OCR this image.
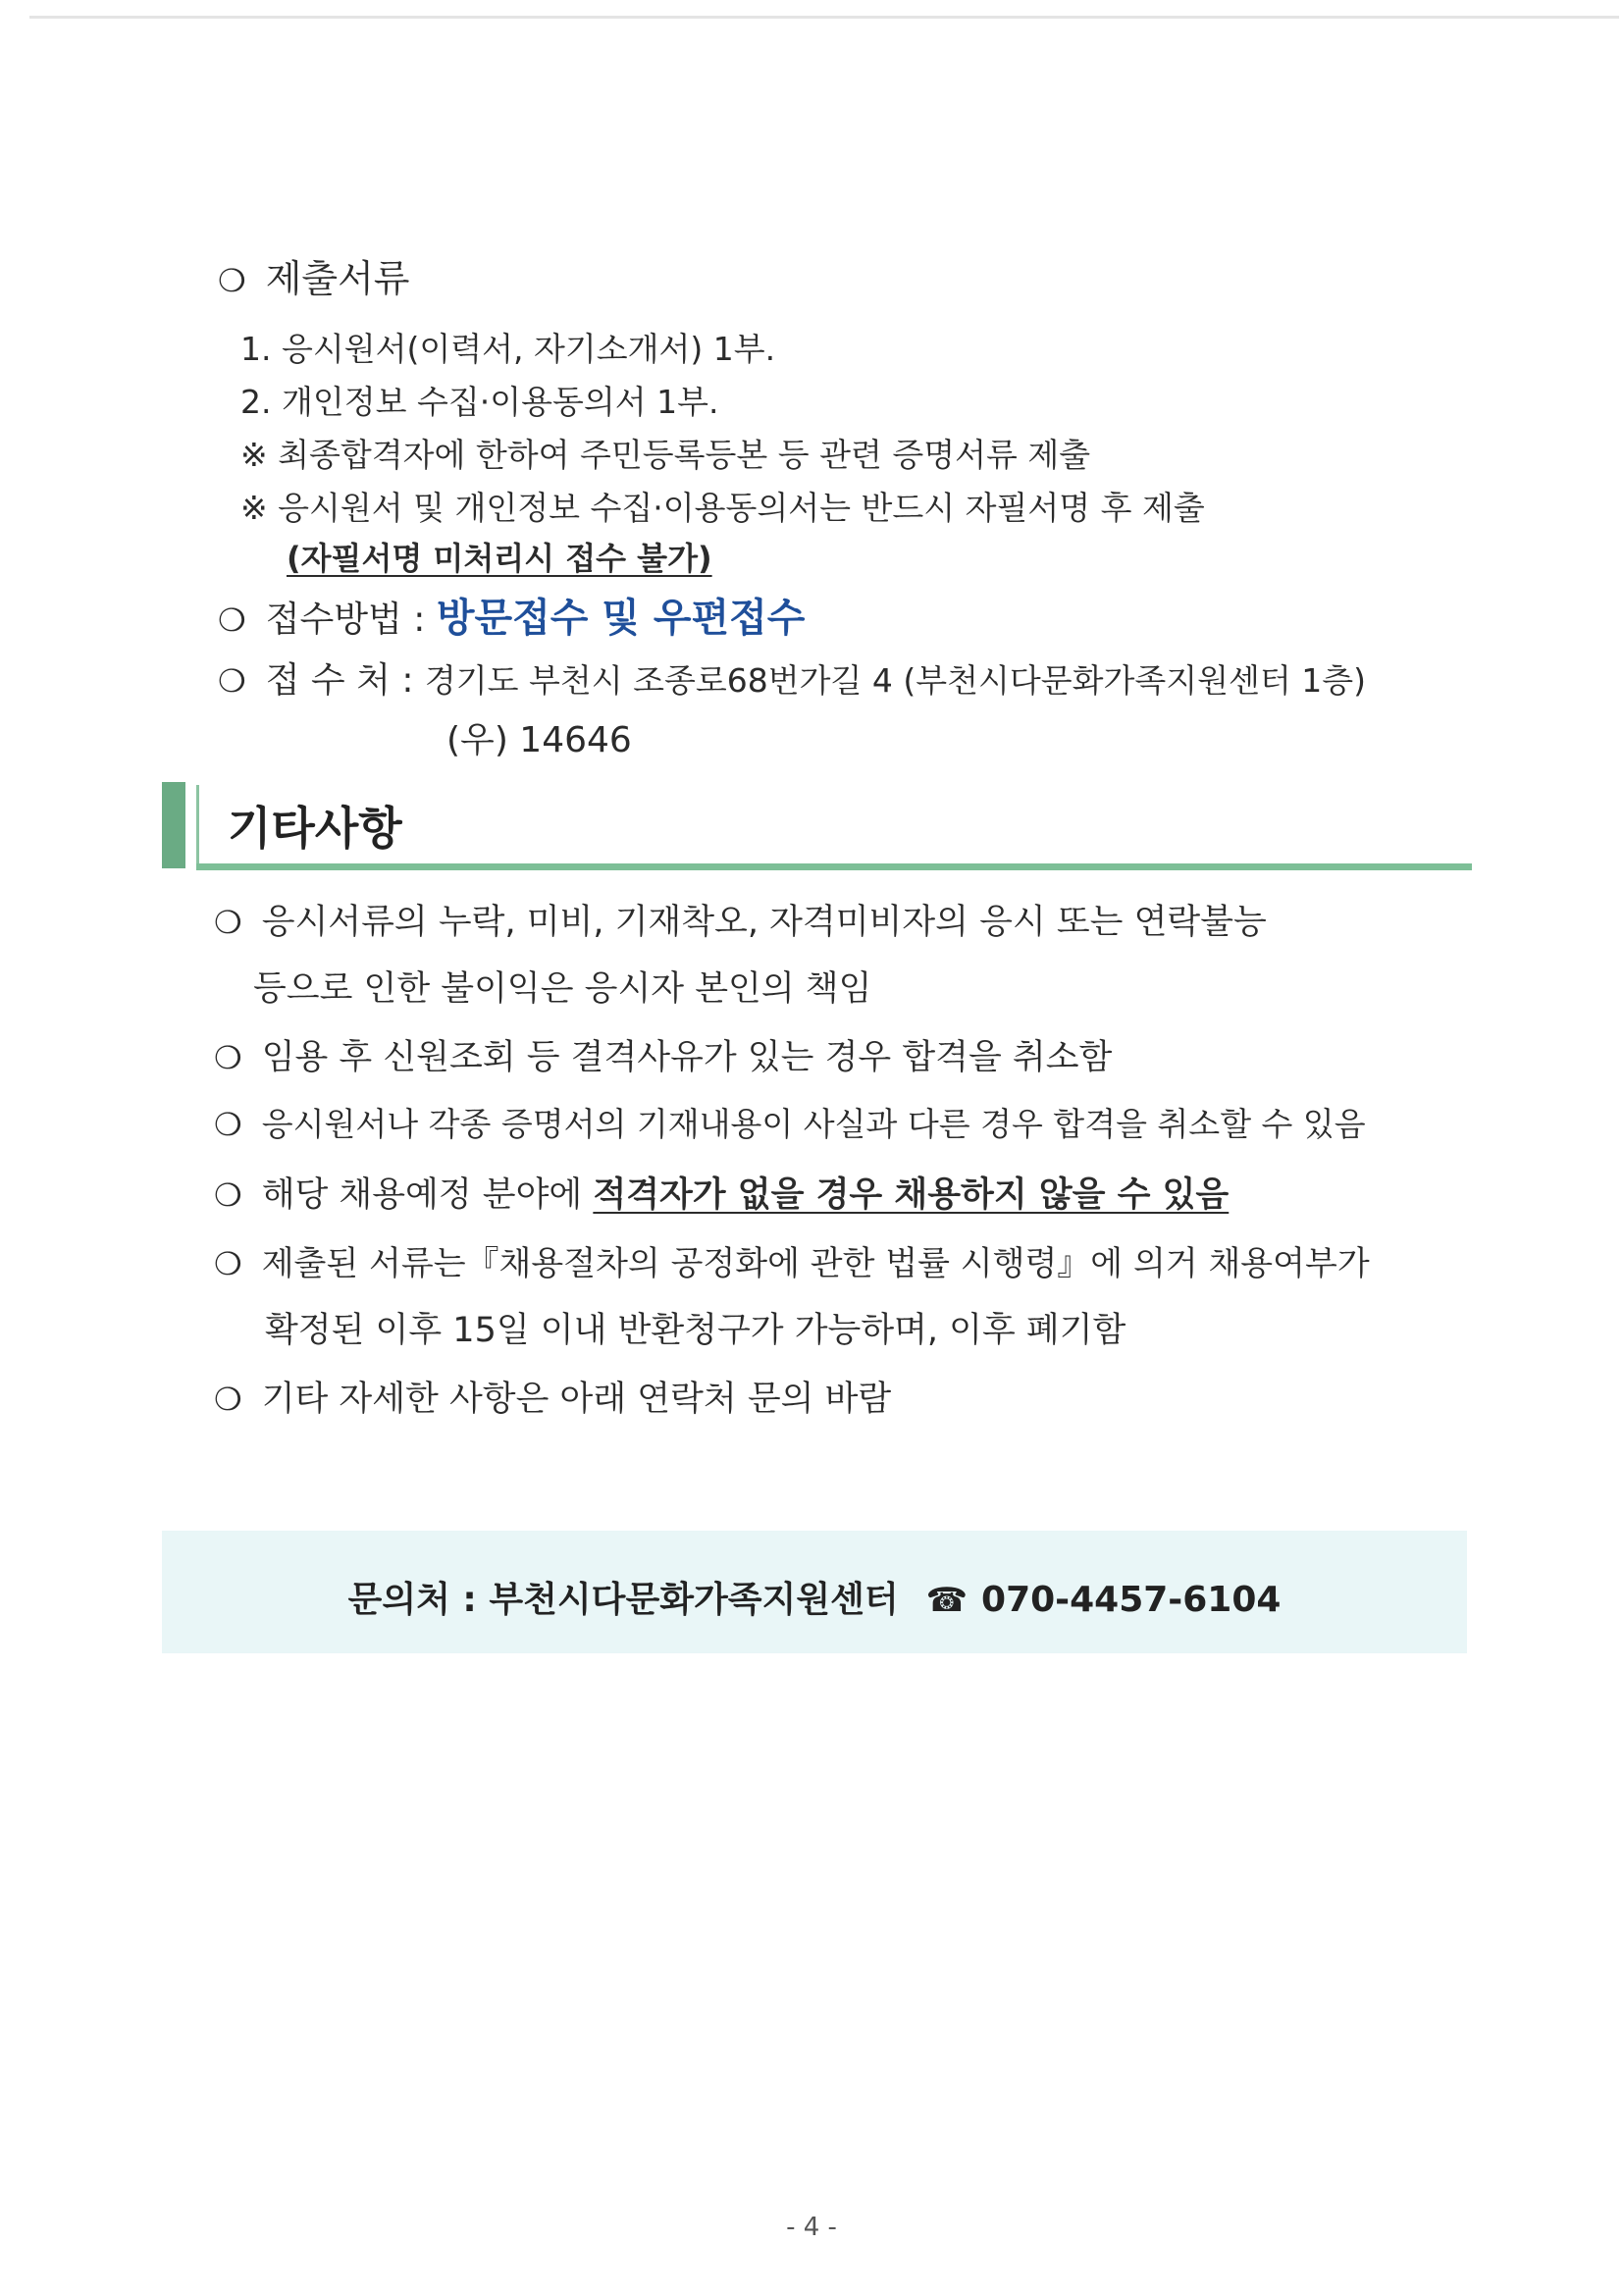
❍ 제출서류
1. 응시원서(이력서, 자기소개서) 1부.
2. 개인정보 수집·이용동의서 1부.
※ 최종합격자에 한하여 주민등록등본 등 관련 증명서류 제출
※ 응시원서 및 개인정보 수집·이용동의서는 반드시 자필서명 후 제출
(자필서명 미처리시 접수 불가)
❍ 접수방법 : 방문접수 및 우편접수
❍ 접 수 처 : 경기도 부천시 조종로68번가길 4 (부천시다문화가족지원센터 1층)
(우) 14646
기타사항
❍ 응시서류의 누락, 미비, 기재착오, 자격미비자의 응시 또는 연락불능
등으로 인한 불이익은 응시자 본인의 책임
❍ 임용 후 신원조회 등 결격사유가 있는 경우 합격을 취소함
❍ 응시원서나 각종 증명서의 기재내용이 사실과 다른 경우 합격을 취소할 수 있음
❍ 해당 채용예정 분야에 적격자가 없을 경우 채용하지 않을 수 있음
❍ 제출된 서류는『채용절차의 공정화에 관한 법률 시행령』에 의거 채용여부가
확정된 이후 15일 이내 반환청구가 가능하며, 이후 폐기함
❍ 기타 자세한 사항은 아래 연락처 문의 바람
문의처 : 부천시다문화가족지원센터 ☎ 070-4457-6104
- 4 -
